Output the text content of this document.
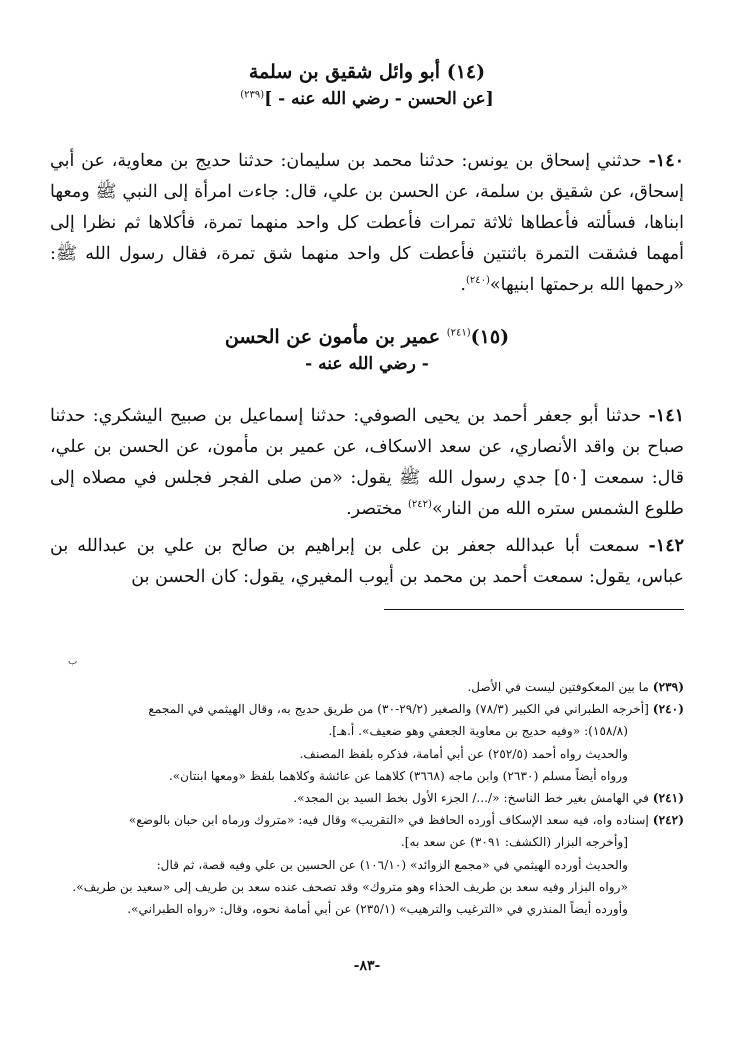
(١٤) أبو وائل شقيق بن سلمة
[عن الحسن - رضي الله عنه - ]$^{(٢٣٩)}$

١٤٠- حدثني إسحاق بن يونس: حدثنا محمد بن سليمان: حدثنا حديج بن معاوية، عن أبي إسحاق، عن شقيق بن سلمة، عن الحسن بن علي، قال: جاءت امرأة إلى النبي ﷺ ومعها ابناها، فسألته فأعطاها ثلاثة تمرات فأعطت كل واحد منهما تمرة، فأكلاها ثم نظرا إلى أمهما فشقت التمرة باثنتين فأعطت كل واحد منهما شق تمرة، فقال رسول الله ﷺ: «رحمها الله برحمتها ابنيها»$^{(٢٤٠)}$.

(١٥)$^{(٢٤١)}$ عمير بن مأمون عن الحسن
- رضي الله عنه -

١٤١- حدثنا أبو جعفر أحمد بن يحيى الصوفي: حدثنا إسماعيل بن صبيح اليشكري: حدثنا صباح بن واقد الأنصاري، عن سعد الاسكاف، عن عمير بن مأمون، عن الحسن بن علي، قال: سمعت [٥٠] جدي رسول الله ﷺ يقول: «من صلى الفجر فجلس في مصلاه إلى طلوع الشمس ستره الله من النار»$^{(٢٤٢)}$ مختصر.

١٤٢- سمعت أبا عبدالله جعفر بن على بن إبراهيم بن صالح بن علي بن عبدالله بن عباس، يقول: سمعت أحمد بن محمد بن أيوب المغيري، يقول: كان الحسن بن

ب

(٢٣٩) ما بين المعكوفتين ليست في الأصل.

(٢٤٠) [أخرجه الطبراني في الكبير (٧٨/٣) والصغير (٢٩/٢-٣٠) من طريق حديج به، وقال الهيثمي في المجمع

(١٥٨/٨): «وفيه حديج بن معاوية الجعفي وهو ضعيف». أ.هـ].

والحديث رواه أحمد (٢٥٢/٥) عن أبي أمامة، فذكره بلفظ المصنف.

ورواه أيضاً مسلم (٢٦٣٠) وابن ماجه (٣٦٦٨) كلاهما عن عائشة وكلاهما بلفظ «ومعها ابنتان».

(٢٤١) في الهامش بغير خط الناسخ: «/.../ الجزء الأول بخط السيد بن المجد».

(٢٤٢) إسناده واه، فيه سعد الإسكاف أورده الحافظ في «التقريب» وقال فيه: «متروك ورماه ابن حبان بالوضع»

[وأخرجه البزار (الكشف: ٣٠٩١) عن سعد به].

والحديث أورده الهيثمي في «مجمع الزوائد» (١٠٦/١٠) عن الحسين بن علي وفيه قصة، ثم قال:

«رواه البزار وفيه سعد بن طريف الحذاء وهو متروك» وقد تصحف عنده سعد بن طريف إلى «سعيد بن طريف».

وأورده أيضاً المنذري في «الترغيب والترهيب» (٢٣٥/١) عن أبي أمامة نحوه، وقال: «رواه الطبراني».

-٨٣-
